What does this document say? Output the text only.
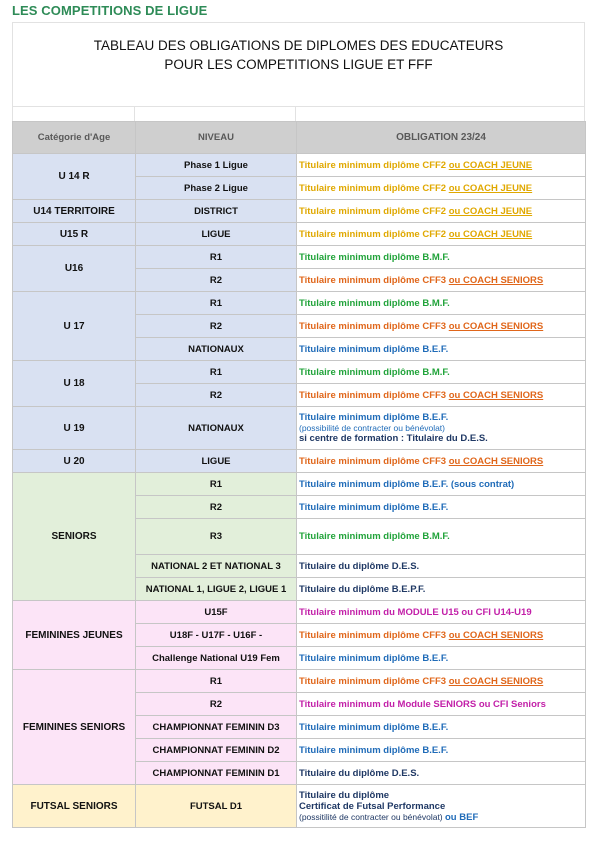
LES COMPETITIONS DE LIGUE
TABLEAU DES OBLIGATIONS DE DIPLOMES DES EDUCATEURS
POUR LES COMPETITIONS LIGUE ET FFF
Catégorie d'Age	NIVEAU	OBLIGATION 23/24
U 14 R	Phase 1 Ligue	Titulaire minimum diplôme CFF2 ou COACH JEUNE
	Phase 2 Ligue	Titulaire minimum diplôme CFF2 ou COACH JEUNE
U14 TERRITOIRE	DISTRICT	Titulaire minimum diplôme CFF2 ou COACH JEUNE
U15 R	LIGUE	Titulaire minimum diplôme CFF2 ou COACH JEUNE
U16	R1	Titulaire minimum diplôme B.M.F.
	R2	Titulaire minimum diplôme CFF3 ou COACH SENIORS
U 17	R1	Titulaire minimum diplôme B.M.F.
	R2	Titulaire minimum diplôme CFF3 ou COACH SENIORS
	NATIONAUX	Titulaire minimum diplôme B.E.F.
U 18	R1	Titulaire minimum diplôme B.M.F.
	R2	Titulaire minimum diplôme CFF3 ou COACH SENIORS
U 19	NATIONAUX	Titulaire minimum diplôme B.E.F.
(possibilité de contracter ou bénévolat)
si centre de formation : Titulaire du D.E.S.

U 20	LIGUE	Titulaire minimum diplôme CFF3 ou COACH SENIORS
SENIORS	R1	Titulaire minimum diplôme B.E.F. (sous contrat)
	R2	Titulaire minimum diplôme B.E.F.
	R3	Titulaire minimum diplôme B.M.F.
	NATIONAL 2 ET NATIONAL 3	Titulaire du diplôme D.E.S.
	NATIONAL 1, LIGUE 2, LIGUE 1	Titulaire du diplôme B.E.P.F.
FEMININES JEUNES	U15F	Titulaire minimum du MODULE U15 ou CFI U14-U19
	U18F - U17F - U16F -	Titulaire minimum diplôme CFF3 ou COACH SENIORS
	Challenge National U19 Fem	Titulaire minimum diplôme B.E.F.
FEMININES SENIORS	R1	Titulaire minimum diplôme CFF3 ou COACH SENIORS
	R2	Titulaire minimum du Module SENIORS ou CFI Seniors
	CHAMPIONNAT FEMININ D3	Titulaire minimum diplôme B.E.F.
	CHAMPIONNAT FEMININ D2	Titulaire minimum diplôme B.E.F.
	CHAMPIONNAT FEMININ D1	Titulaire du diplôme D.E.S.
FUTSAL SENIORS	FUTSAL D1	Titulaire du diplôme
Certificat de Futsal Performance
(possitilité de contracter ou bénévolat) ou BEF
